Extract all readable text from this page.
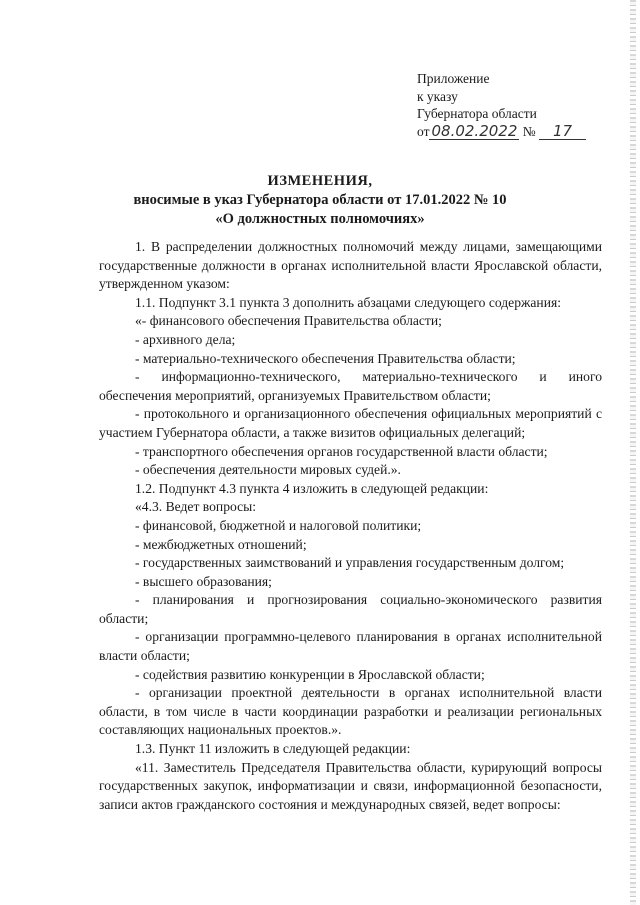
Приложение
к указу
Губернатора области
от 08.02.2022 № 17
ИЗМЕНЕНИЯ,
вносимые в указ Губернатора области от 17.01.2022 № 10
«О должностных полномочиях»

1. В распределении должностных полномочий между лицами, замещающими государственные должности в органах исполнительной власти Ярославской области, утвержденном указом:

1.1. Подпункт 3.1 пункта 3 дополнить абзацами следующего содержания:

«- финансового обеспечения Правительства области;

- архивного дела;

- материально-технического обеспечения Правительства области;

- информационно-технического, материально-технического и иного обеспечения мероприятий, организуемых Правительством области;

- протокольного и организационного обеспечения официальных мероприятий с участием Губернатора области, а также визитов официальных делегаций;

- транспортного обеспечения органов государственной власти области;

- обеспечения деятельности мировых судей.».

1.2. Подпункт 4.3 пункта 4 изложить в следующей редакции:

«4.3. Ведет вопросы:

- финансовой, бюджетной и налоговой политики;

- межбюджетных отношений;

- государственных заимствований и управления государственным долгом;

- высшего образования;

- планирования и прогнозирования социально-экономического развития области;

- организации программно-целевого планирования в органах исполнительной власти области;

- содействия развитию конкуренции в Ярославской области;

- организации проектной деятельности в органах исполнительной власти области, в том числе в части координации разработки и реализации региональных составляющих национальных проектов.».

1.3. Пункт 11 изложить в следующей редакции:

«11. Заместитель Председателя Правительства области, курирующий вопросы государственных закупок, информатизации и связи, информационной безопасности, записи актов гражданского состояния и международных связей, ведет вопросы:
